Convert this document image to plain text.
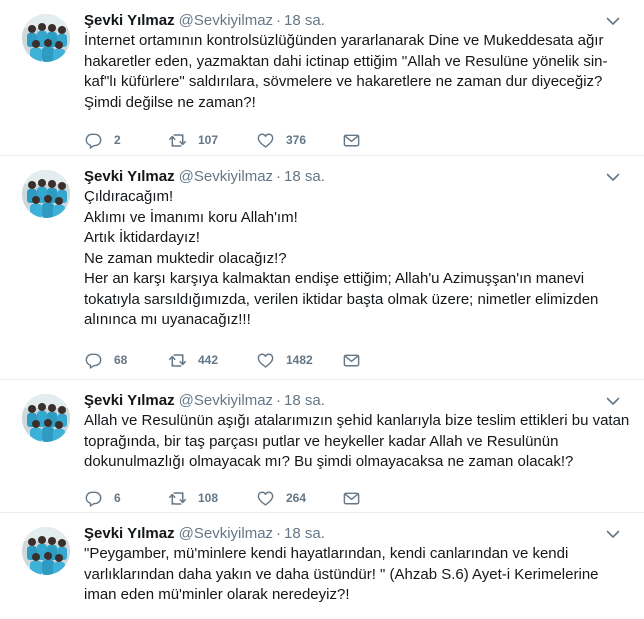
Şevki Yılmaz @Sevkiyilmaz · 18 sa.
İnternet ortamının kontrolsüzlüğünden yararlanarak Dine ve Mukeddesata ağır
hakaretler eden, yazmaktan dahi ictinap ettiğim ''Allah ve Resulüne yönelik sin-
kaf"lı küfürlere" saldırılara, sövmelere ve hakaretlere ne zaman dur diyeceğiz?
Şimdi değilse ne zaman?!
2	107	376
Şevki Yılmaz @Sevkiyilmaz · 18 sa.
Çıldıracağım!
Aklımı ve İmanımı koru Allah'ım!
Artık İktidardayız!
Ne zaman muktedir olacağız!?
Her an karşı karşıya kalmaktan endişe ettiğim; Allah'u Azimuşşan'ın manevi
tokatıyla sarsıldığımızda, verilen iktidar başta olmak üzere; nimetler elimizden
alınınca mı uyanacağız!!!
68	442	1482
Şevki Yılmaz @Sevkiyilmaz · 18 sa.
Allah ve Resulünün aşığı atalarımızın şehid kanlarıyla bize teslim ettikleri bu vatan
toprağında, bir taş parçası putlar ve heykeller kadar Allah ve Resulünün
dokunulmazlığı olmayacak mı? Bu şimdi olmayacaksa ne zaman olacak!?
6	108	264
Şevki Yılmaz @Sevkiyilmaz · 18 sa.
"Peygamber, mü'minlere kendi hayatlarından, kendi canlarından ve kendi
varlıklarından daha yakın ve daha üstündür! " (Ahzab S.6) Ayet-i Kerimelerine
iman eden mü'minler olarak neredeyiz?!
